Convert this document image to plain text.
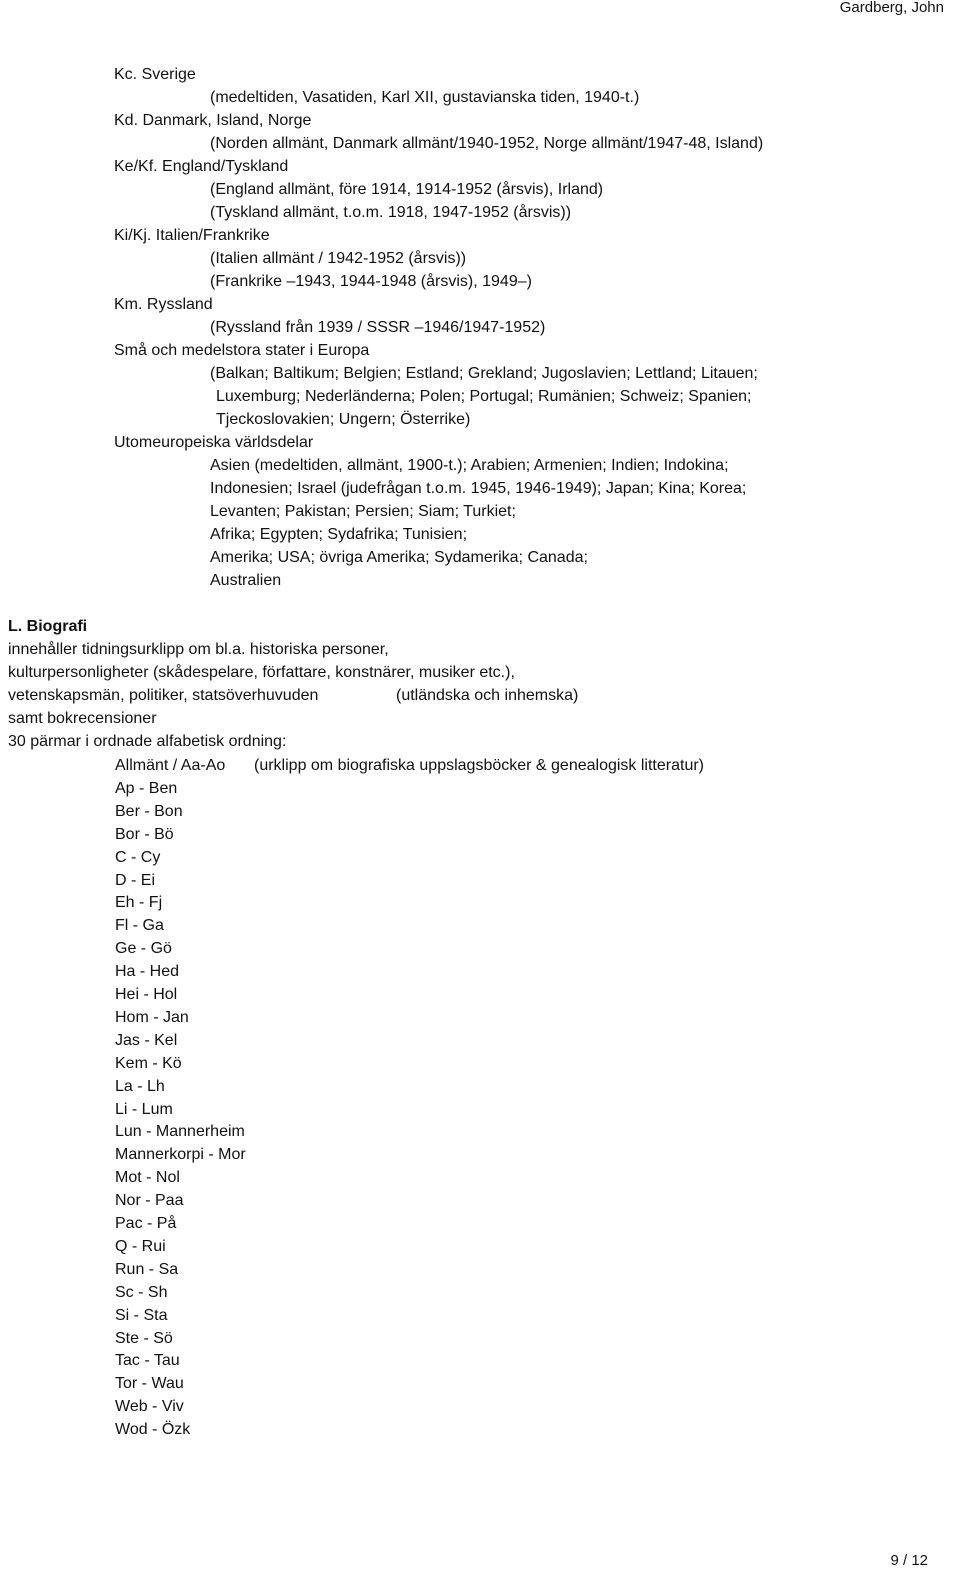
Gardberg, John
Kc. Sverige
(medeltiden, Vasatiden, Karl XII, gustavianska tiden, 1940-t.)
Kd. Danmark, Island, Norge
(Norden allmänt, Danmark allmänt/1940-1952, Norge allmänt/1947-48, Island)
Ke/Kf. England/Tyskland
(England allmänt, före 1914, 1914-1952 (årsvis), Irland)
(Tyskland allmänt, t.o.m. 1918, 1947-1952 (årsvis))
Ki/Kj. Italien/Frankrike
(Italien allmänt / 1942-1952 (årsvis))
(Frankrike –1943, 1944-1948 (årsvis), 1949–)
Km. Ryssland
(Ryssland från 1939 / SSSR –1946/1947-1952)
Små och medelstora stater i Europa
(Balkan; Baltikum; Belgien; Estland; Grekland; Jugoslavien; Lettland; Litauen;
Luxemburg; Nederländerna; Polen; Portugal; Rumänien; Schweiz; Spanien;
Tjeckoslovakien; Ungern; Österrike)
Utomeuropeiska världsdelar
Asien (medeltiden, allmänt, 1900-t.); Arabien; Armenien; Indien; Indokina;
Indonesien; Israel (judefrågan t.o.m. 1945, 1946-1949); Japan; Kina; Korea;
Levanten; Pakistan; Persien; Siam; Turkiet;
Afrika; Egypten; Sydafrika; Tunisien;
Amerika; USA; övriga Amerika; Sydamerika; Canada;
Australien
L. Biografi
innehåller tidningsurklipp om bl.a. historiska personer,
kulturpersonligheter (skådespelare, författare, konstnärer, musiker etc.),
vetenskapsmän, politiker, statsöverhuvuden
samt bokrecensioner
30 pärmar i ordnade alfabetisk ordning:
(utländska och inhemska)
Allmänt / Aa-Ao
Ap - Ben
Ber - Bon
Bor - Bö
C - Cy
D - Ei
Eh - Fj
Fl - Ga
Ge - Gö
Ha - Hed
Hei - Hol
Hom - Jan
Jas - Kel
Kem - Kö
La - Lh
Li - Lum
Lun - Mannerheim
Mannerkorpi - Mor
Mot - Nol
Nor - Paa
Pac - På
Q - Rui
Run - Sa
Sc - Sh
Si - Sta
Ste - Sö
Tac - Tau
Tor - Wau
Web - Viv
Wod - Özk
(urklipp om biografiska uppslagsböcker & genealogisk litteratur)
9 / 12
